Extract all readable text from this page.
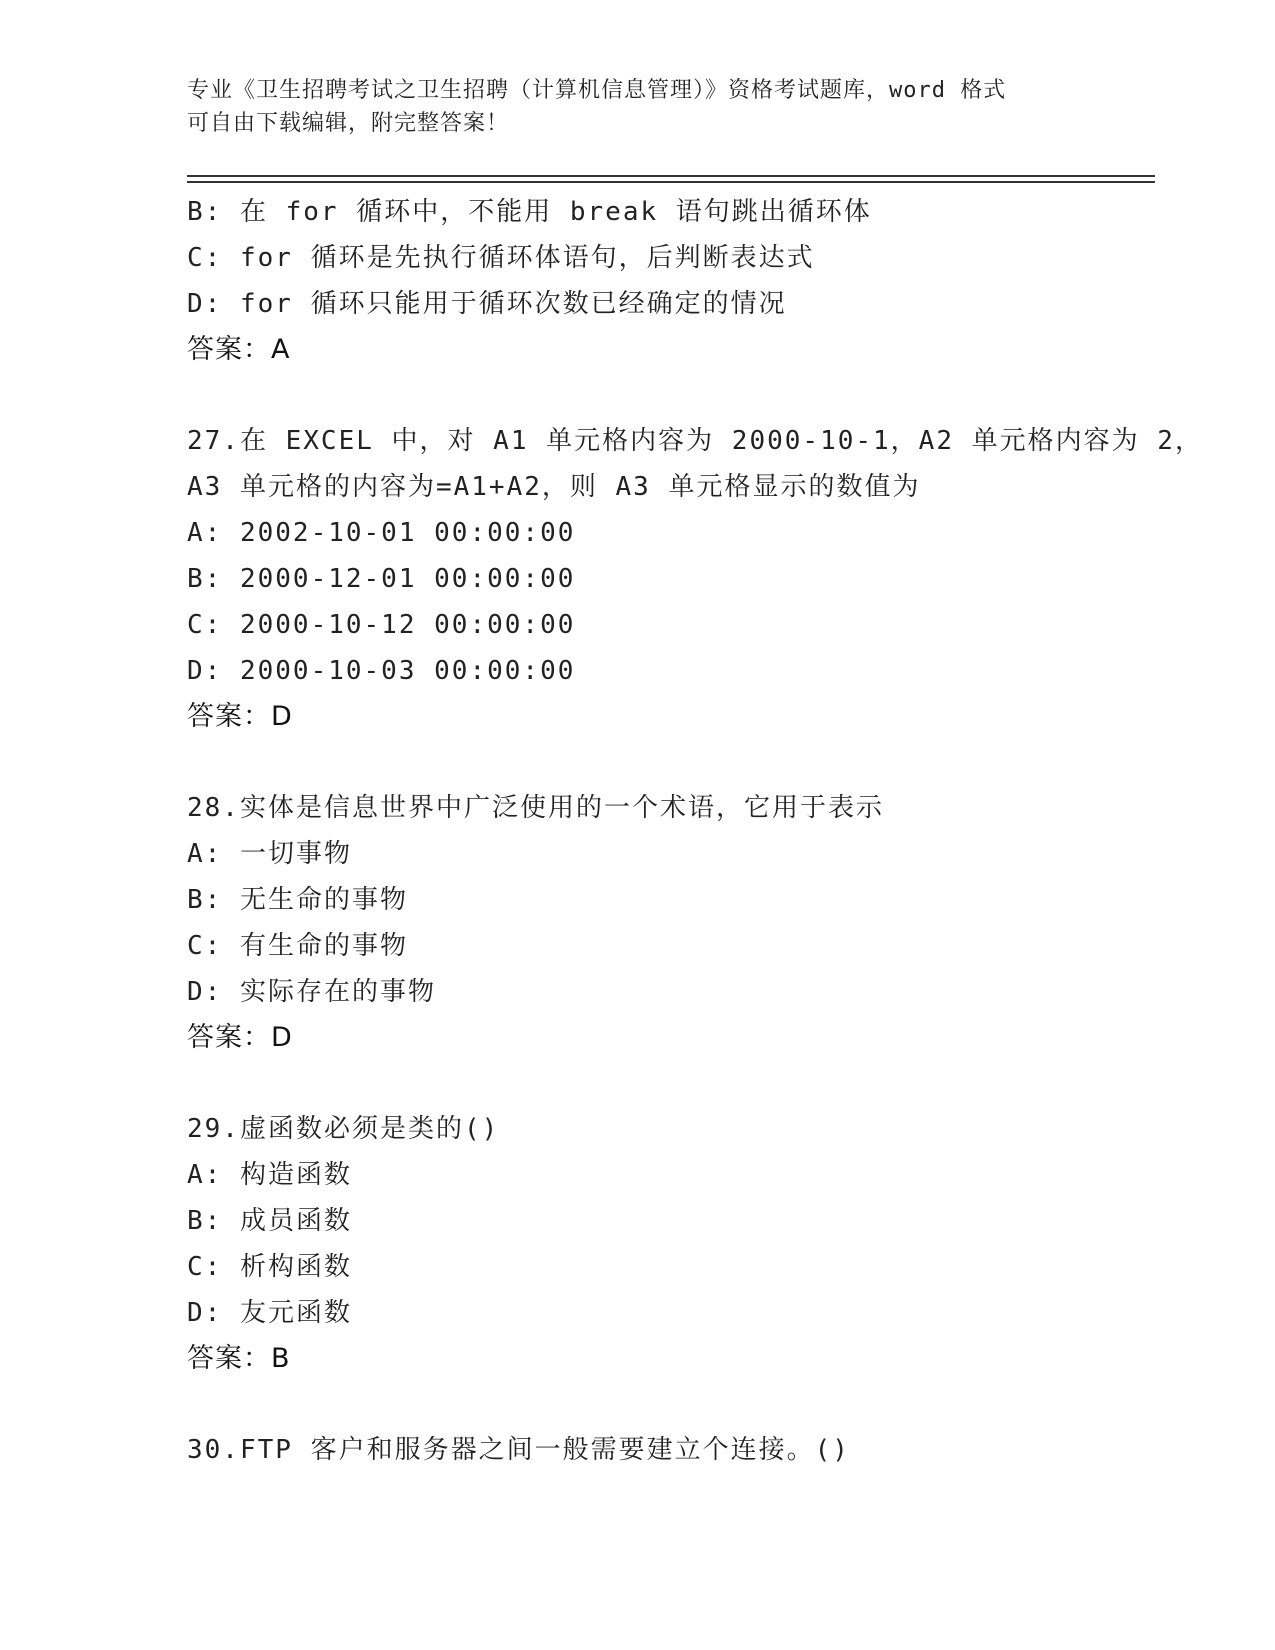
专业《卫生招聘考试之卫生招聘（计算机信息管理）》资格考试题库，word 格式
可自由下载编辑，附完整答案！
B: 在 for 循环中，不能用 break 语句跳出循环体
C: for 循环是先执行循环体语句，后判断表达式
D: for 循环只能用于循环次数已经确定的情况
答案：A
27.在 EXCEL 中，对 A1 单元格内容为 2000-10-1，A2 单元格内容为 2，
A3 单元格的内容为=A1+A2，则 A3 单元格显示的数值为
A: 2002-10-01 00:00:00
B: 2000-12-01 00:00:00
C: 2000-10-12 00:00:00
D: 2000-10-03 00:00:00
答案：D
28.实体是信息世界中广泛使用的一个术语，它用于表示
A: 一切事物
B: 无生命的事物
C: 有生命的事物
D: 实际存在的事物
答案：D
29.虚函数必须是类的()
A: 构造函数
B: 成员函数
C: 析构函数
D: 友元函数
答案：B
30.FTP 客户和服务器之间一般需要建立个连接。()
